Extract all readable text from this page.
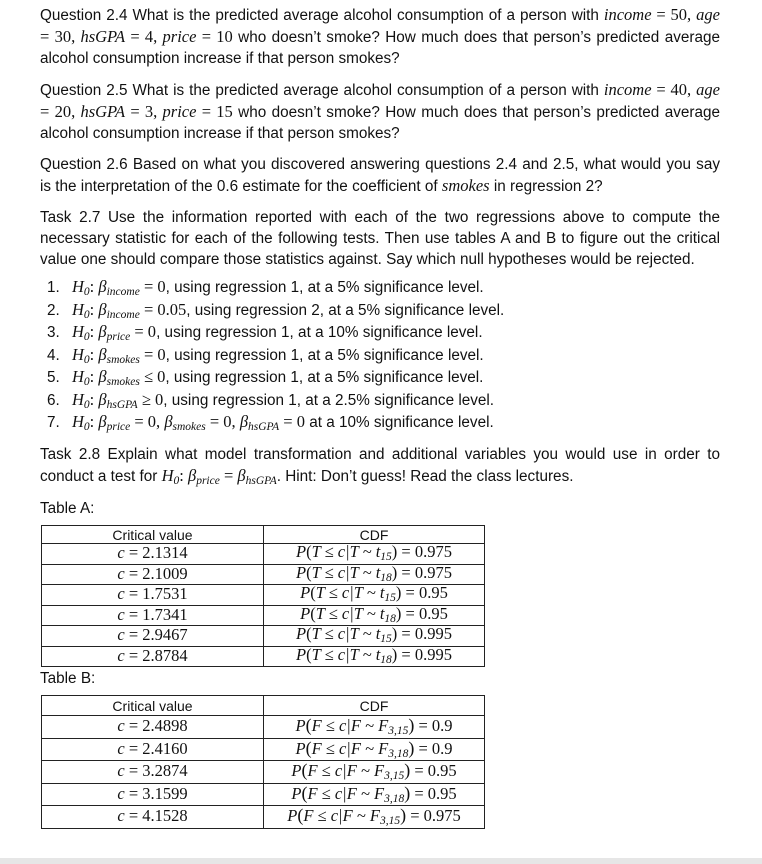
Question 2.4 What is the predicted average alcohol consumption of a person with income = 50, age = 30, hsGPA = 4, price = 10 who doesn’t smoke? How much does that person’s predicted average alcohol consumption increase if that person smokes?

Question 2.5 What is the predicted average alcohol consumption of a person with income = 40, age = 20, hsGPA = 3, price = 15 who doesn’t smoke? How much does that person’s predicted average alcohol consumption increase if that person smokes?

Question 2.6 Based on what you discovered answering questions 2.4 and 2.5, what would you say is the interpretation of the 0.6 estimate for the coefficient of smokes in regression 2?

Task 2.7 Use the information reported with each of the two regressions above to compute the necessary statistic for each of the following tests. Then use tables A and B to figure out the critical value one should compare those statistics against. Say which null hypotheses would be rejected.

1. H0: βincome = 0, using regression 1, at a 5% significance level.
2. H0: βincome = 0.05, using regression 2, at a 5% significance level.
3. H0: βprice = 0, using regression 1, at a 10% significance level.
4. H0: βsmokes = 0, using regression 1, at a 5% significance level.
5. H0: βsmokes ≤ 0, using regression 1, at a 5% significance level.
6. H0: βhsGPA ≥ 0, using regression 1, at a 2.5% significance level.
7. H0: βprice = 0, βsmokes = 0, βhsGPA = 0 at a 10% significance level.

Task 2.8 Explain what model transformation and additional variables you would use in order to conduct a test for H0: βprice = βhsGPA. Hint: Don’t guess! Read the class lectures.

Table A:

Critical value	CDF
c = 2.1314	P(T ≤ c|T ~ $t_{15}) = 0.975$
c = 2.1009	P(T ≤ c|T ~ $t_{18}) = 0.975$
c = 1.7531	P(T ≤ c|T ~ $t_{15}) = 0.95$
c = 1.7341	P(T ≤ c|T ~ $t_{18}) = 0.95$
c = 2.9467	P(T ≤ c|T ~ $t_{15}) = 0.995$
c = 2.8784	P(T ≤ c|T ~ $t_{18}) = 0.995$

Table B:

Critical value	CDF
c = 2.4898	P(F ≤ c|F ~ $F_{3,15}) = 0.9$
c = 2.4160	P(F ≤ c|F ~ $F_{3,18}) = 0.9$
c = 3.2874	P(F ≤ c|F ~ $F_{3,15}) = 0.95$
c = 3.1599	P(F ≤ c|F ~ $F_{3,18}) = 0.95$
c = 4.1528	P(F ≤ c|F ~ $F_{3,15}) = 0.975$
